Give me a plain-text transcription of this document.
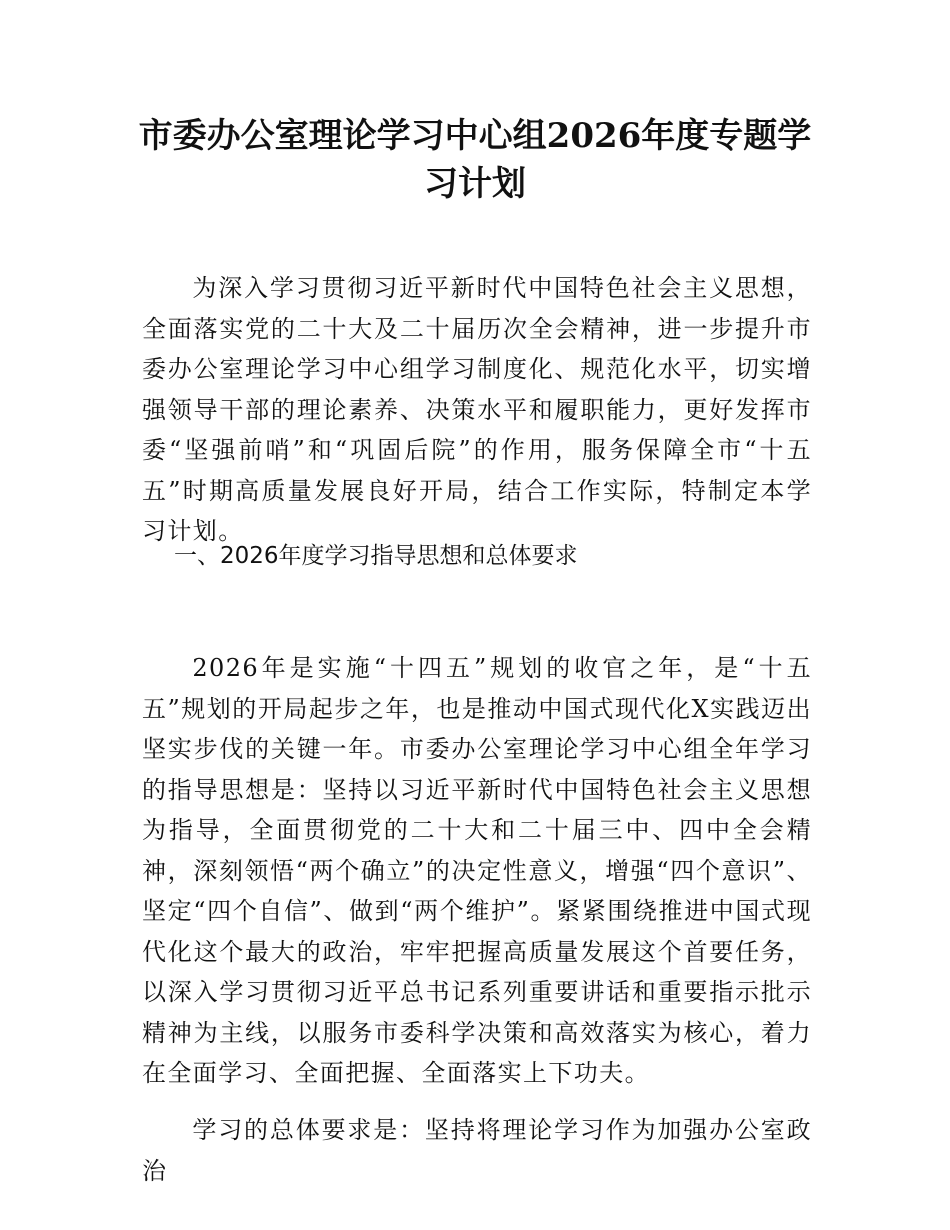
市委办公室理论学习中心组2026年度专题学习计划

为深入学习贯彻习近平新时代中国特色社会主义思想，全面落实党的二十大及二十届历次全会精神，进一步提升市委办公室理论学习中心组学习制度化、规范化水平，切实增强领导干部的理论素养、决策水平和履职能力，更好发挥市委“坚强前哨”和“巩固后院”的作用，服务保障全市“十五五”时期高质量发展良好开局，结合工作实际，特制定本学习计划。

一、2026年度学习指导思想和总体要求

2026年是实施“十四五”规划的收官之年，是“十五五”规划的开局起步之年，也是推动中国式现代化X实践迈出坚实步伐的关键一年。市委办公室理论学习中心组全年学习的指导思想是：坚持以习近平新时代中国特色社会主义思想为指导，全面贯彻党的二十大和二十届三中、四中全会精神，深刻领悟“两个确立”的决定性意义，增强“四个意识”、坚定“四个自信”、做到“两个维护”。紧紧围绕推进中国式现代化这个最大的政治，牢牢把握高质量发展这个首要任务，以深入学习贯彻习近平总书记系列重要讲话和重要指示批示精神为主线，以服务市委科学决策和高效落实为核心，着力在全面学习、全面把握、全面落实上下功夫。

学习的总体要求是：坚持将理论学习作为加强办公室政治
